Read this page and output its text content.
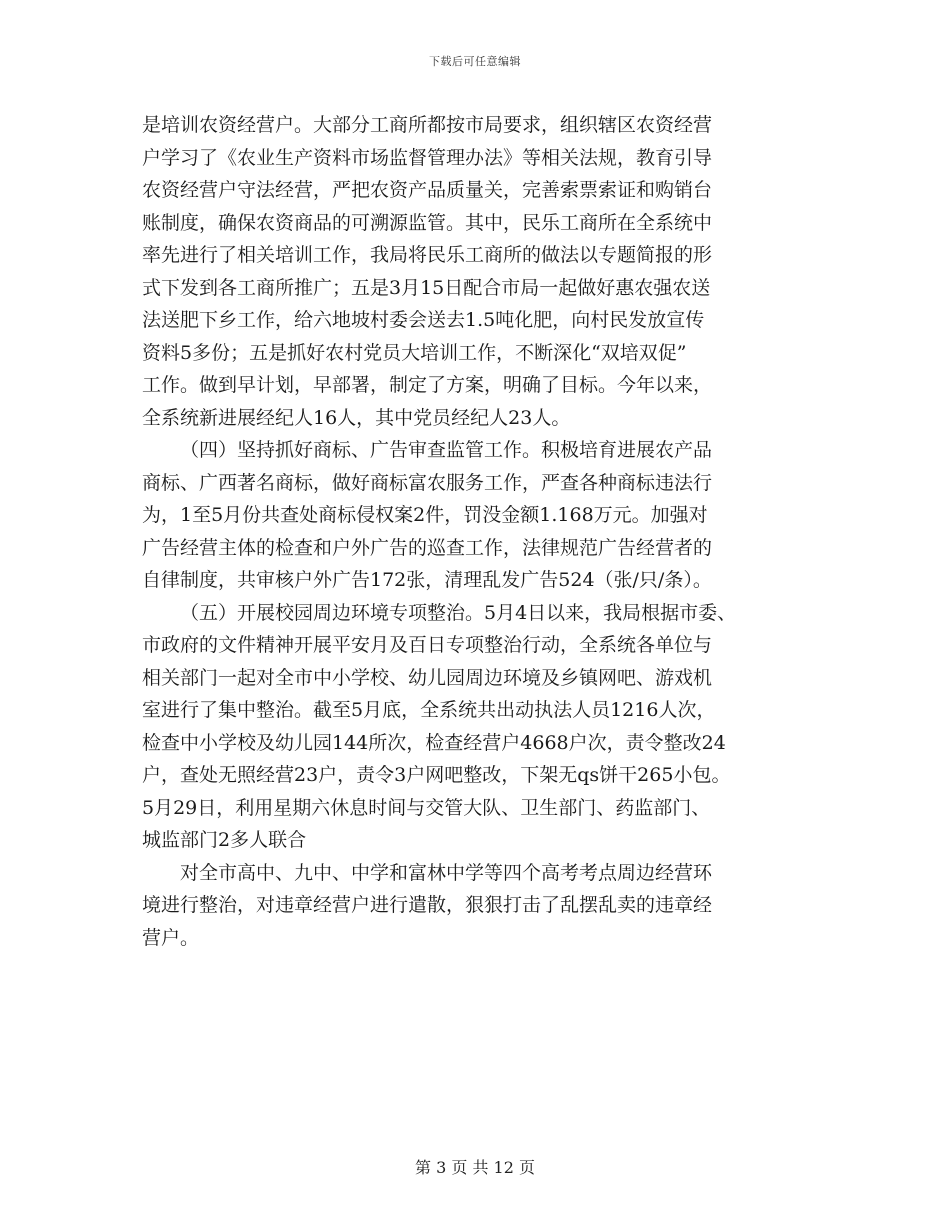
下载后可任意编辑
是培训农资经营户。大部分工商所都按市局要求，组织辖区农资经营
户学习了《农业生产资料市场监督管理办法》等相关法规，教育引导
农资经营户守法经营，严把农资产品质量关，完善索票索证和购销台
账制度，确保农资商品的可溯源监管。其中，民乐工商所在全系统中
率先进行了相关培训工作，我局将民乐工商所的做法以专题简报的形
式下发到各工商所推广；五是3月15日配合市局一起做好惠农强农送
法送肥下乡工作，给六地坡村委会送去1.5吨化肥，向村民发放宣传
资料5多份；五是抓好农村党员大培训工作，不断深化“双培双促”
工作。做到早计划，早部署，制定了方案，明确了目标。今年以来，
全系统新进展经纪人16人，其中党员经纪人23人。
（四）坚持抓好商标、广告审查监管工作。积极培育进展农产品
商标、广西著名商标，做好商标富农服务工作，严查各种商标违法行
为，1至5月份共查处商标侵权案2件，罚没金额1.168万元。加强对
广告经营主体的检查和户外广告的巡查工作，法律规范广告经营者的
自律制度，共审核户外广告172张，清理乱发广告524（张/只/条）。
（五）开展校园周边环境专项整治。5月4日以来，我局根据市委、
市政府的文件精神开展平安月及百日专项整治行动，全系统各单位与
相关部门一起对全市中小学校、幼儿园周边环境及乡镇网吧、游戏机
室进行了集中整治。截至5月底，全系统共出动执法人员1216人次，
检查中小学校及幼儿园144所次，检查经营户4668户次，责令整改24
户，查处无照经营23户，责令3户网吧整改，下架无qs饼干265小包。
5月29日，利用星期六休息时间与交管大队、卫生部门、药监部门、
城监部门2多人联合
对全市高中、九中、中学和富林中学等四个高考考点周边经营环
境进行整治，对违章经营户进行遣散，狠狠打击了乱摆乱卖的违章经
营户。
第 3 页 共 12 页
